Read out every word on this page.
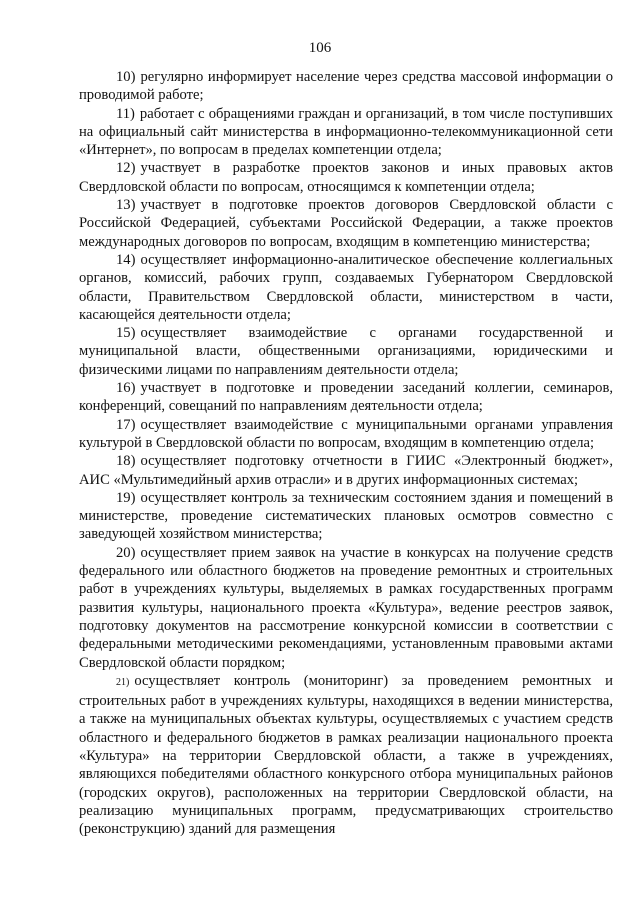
106

10) регулярно информирует население через средства массовой информации о проводимой работе;

11) работает с обращениями граждан и организаций, в том числе поступивших на официальный сайт министерства в информационно-телекоммуникационной сети «Интернет», по вопросам в пределах компетенции отдела;

12) участвует в разработке проектов законов и иных правовых актов Свердловской области по вопросам, относящимся к компетенции отдела;

13) участвует в подготовке проектов договоров Свердловской области с Российской Федерацией, субъектами Российской Федерации, а также проектов международных договоров по вопросам, входящим в компетенцию министерства;

14) осуществляет информационно-аналитическое обеспечение коллегиальных органов, комиссий, рабочих групп, создаваемых Губернатором Свердловской области, Правительством Свердловской области, министерством в части, касающейся деятельности отдела;

15) осуществляет взаимодействие с органами государственной и муниципальной власти, общественными организациями, юридическими и физическими лицами по направлениям деятельности отдела;

16) участвует в подготовке и проведении заседаний коллегии, семинаров, конференций, совещаний по направлениям деятельности отдела;

17) осуществляет взаимодействие с муниципальными органами управления культурой в Свердловской области по вопросам, входящим в компетенцию отдела;

18) осуществляет подготовку отчетности в ГИИС «Электронный бюджет», АИС «Мультимедийный архив отрасли» и в других информационных системах;

19) осуществляет контроль за техническим состоянием здания и помещений в министерстве, проведение систематических плановых осмотров совместно с заведующей хозяйством министерства;

20) осуществляет прием заявок на участие в конкурсах на получение средств федерального или областного бюджетов на проведение ремонтных и строительных работ в учреждениях культуры, выделяемых в рамках государственных программ развития культуры, национального проекта «Культура», ведение реестров заявок, подготовку документов на рассмотрение конкурсной комиссии в соответствии с федеральными методическими рекомендациями, установленным правовыми актами Свердловской области порядком;

21) осуществляет контроль (мониторинг) за проведением ремонтных и строительных работ в учреждениях культуры, находящихся в ведении министерства, а также на муниципальных объектах культуры, осуществляемых с участием средств областного и федерального бюджетов в рамках реализации национального проекта «Культура» на территории Свердловской области, а также в учреждениях, являющихся победителями областного конкурсного отбора муниципальных районов (городских округов), расположенных на территории Свердловской области, на реализацию муниципальных программ, предусматривающих строительство (реконструкцию) зданий для размещения
